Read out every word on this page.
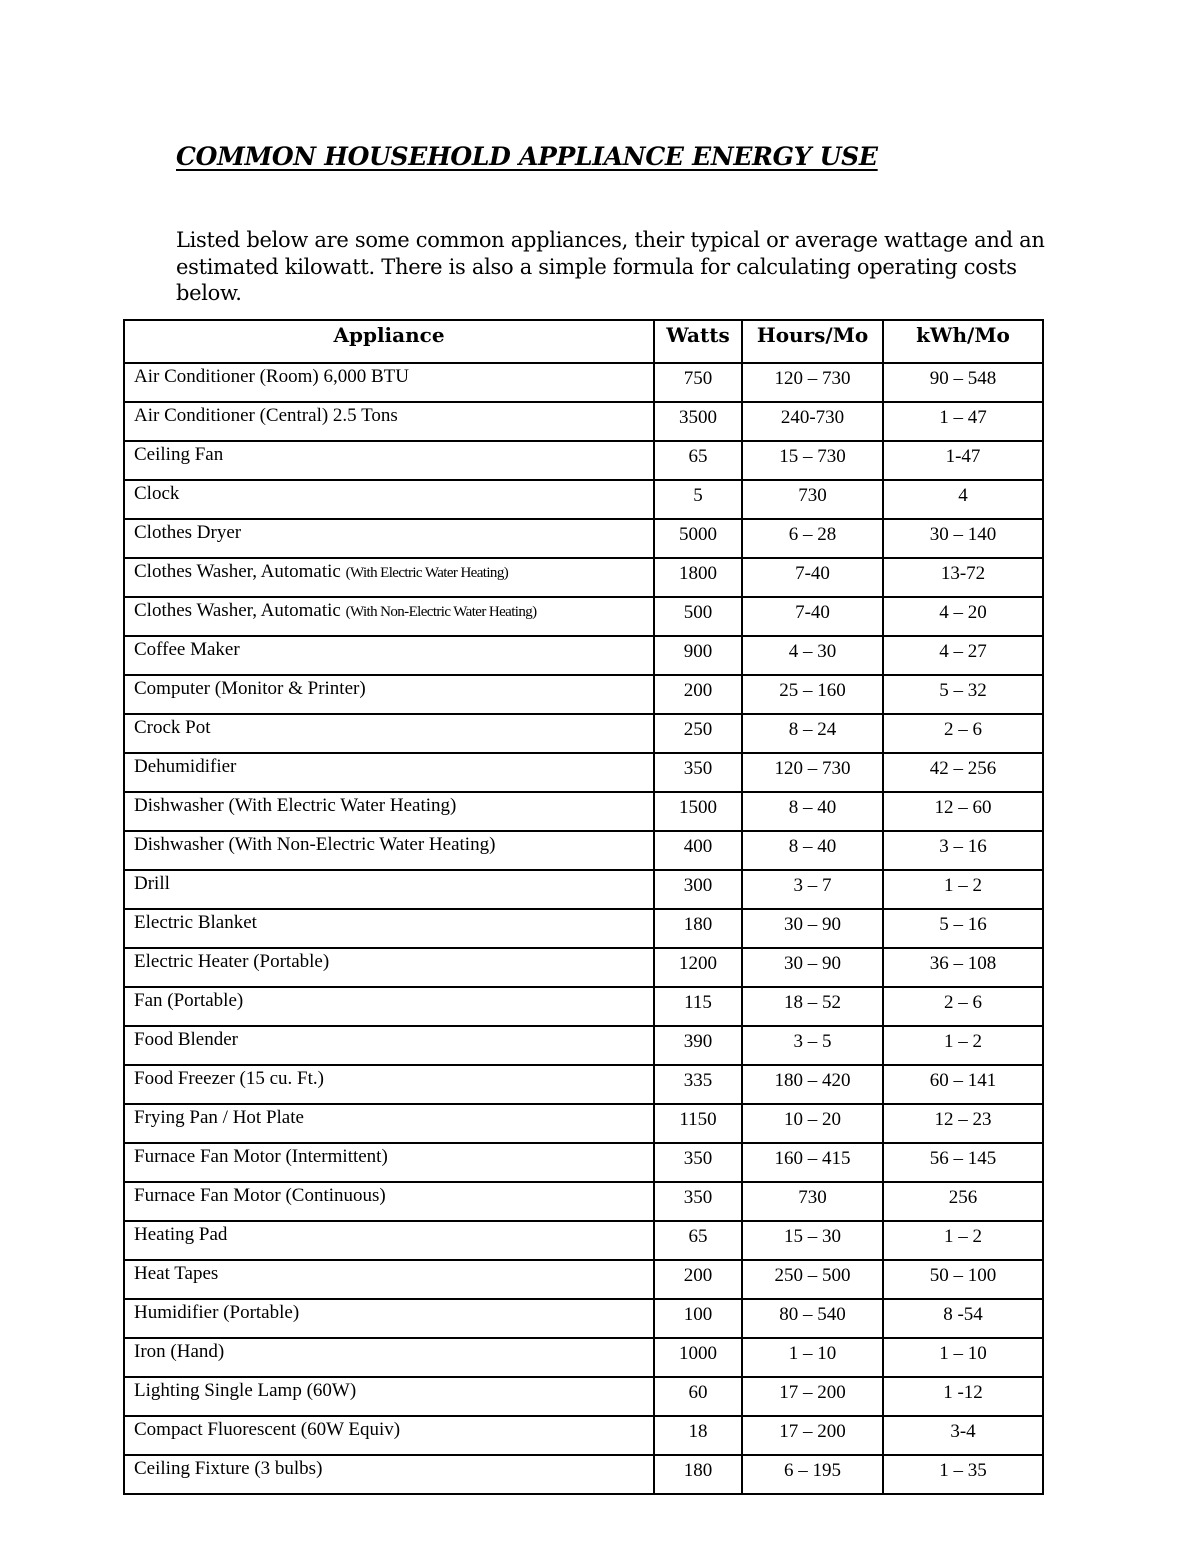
COMMON HOUSEHOLD APPLIANCE ENERGY USE

Listed below are some common appliances, their typical or average wattage and an
estimated kilowatt. There is also a simple formula for calculating operating costs
below.

Appliance	Watts	Hours/Mo	kWh/Mo
Air Conditioner (Room) 6,000 BTU	750	120 – 730	90 – 548
Air Conditioner (Central) 2.5 Tons	3500	240-730	1 – 47
Ceiling Fan	65	15 – 730	1-47
Clock	5	730	4
Clothes Dryer	5000	6 – 28	30 – 140
Clothes Washer, Automatic (With Electric Water Heating)	1800	7-40	13-72
Clothes Washer, Automatic (With Non-Electric Water Heating)	500	7-40	4 – 20
Coffee Maker	900	4 – 30	4 – 27
Computer (Monitor & Printer)	200	25 – 160	5 – 32
Crock Pot	250	8 – 24	2 – 6
Dehumidifier	350	120 – 730	42 – 256
Dishwasher (With Electric Water Heating)	1500	8 – 40	12 – 60
Dishwasher (With Non-Electric Water Heating)	400	8 – 40	3 – 16
Drill	300	3 – 7	1 – 2
Electric Blanket	180	30 – 90	5 – 16
Electric Heater (Portable)	1200	30 – 90	36 – 108
Fan (Portable)	115	18 – 52	2 – 6
Food Blender	390	3 – 5	1 – 2
Food Freezer (15 cu. Ft.)	335	180 – 420	60 – 141
Frying Pan / Hot Plate	1150	10 – 20	12 – 23
Furnace Fan Motor (Intermittent)	350	160 – 415	56 – 145
Furnace Fan Motor (Continuous)	350	730	256
Heating Pad	65	15 – 30	1 – 2
Heat Tapes	200	250 – 500	50 – 100
Humidifier (Portable)	100	80 – 540	8 -54
Iron (Hand)	1000	1 – 10	1 – 10
Lighting Single Lamp (60W)	60	17 – 200	1 -12
Compact Fluorescent (60W Equiv)	18	17 – 200	3-4
Ceiling Fixture (3 bulbs)	180	6 – 195	1 – 35
